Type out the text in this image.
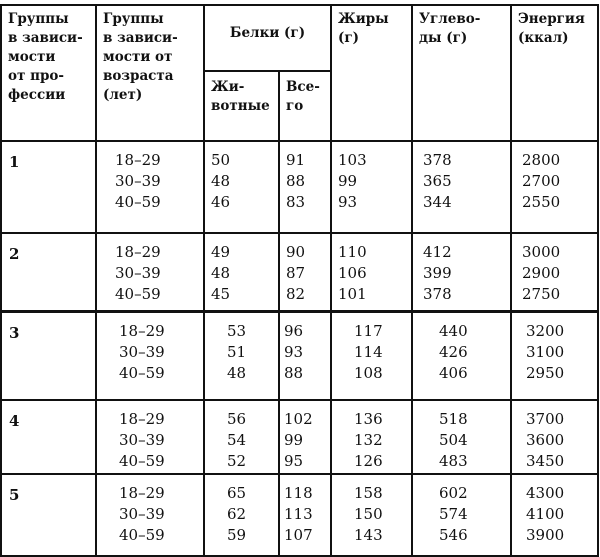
Группы
в зависи-
мости
от про-
фессии	Группы
в зависи-
мости от
возраста
(лет)	Белки (г)		Жиры
(г)	Углево-
ды (г)	Энергия
(ккал)
		Жи-
вотные	Все-
го			

1	18–29
30–39
40–59	50
48
46	91
88
83	103
99
93	378
365
344	2800
2700
2550

2	18–29
30–39
40–59	49
48
45	90
87
82	110
106
101	412
399
378	3000
2900
2750

3	18–29
30–39
40–59	53
51
48	96
93
88	117
114
108	440
426
406	3200
3100
2950

4	18–29
30–39
40–59	56
54
52	102
99
95	136
132
126	518
504
483	3700
3600
3450

5	18–29
30–39
40–59	65
62
59	118
113
107	158
150
143	602
574
546	4300
4100
3900
